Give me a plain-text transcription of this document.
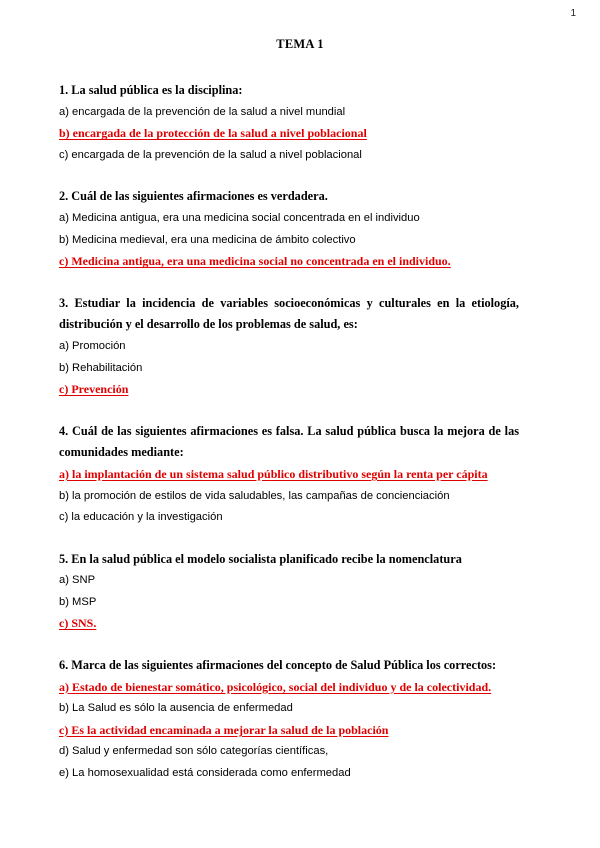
1
TEMA 1
1. La salud pública es la disciplina:
a) encargada de la prevención de la salud a nivel mundial
b) encargada de la protección de la salud a nivel poblacional
c) encargada de la prevención de la salud a nivel poblacional
2. Cuál de las siguientes afirmaciones es verdadera.
a) Medicina antigua, era una medicina social concentrada en el individuo
b) Medicina medieval, era una medicina de ámbito colectivo
c) Medicina antigua, era una medicina social no concentrada en el individuo.
3. Estudiar la incidencia de variables socioeconómicas y culturales en la etiología, distribución y el desarrollo de los problemas de salud, es:
a) Promoción
b) Rehabilitación
c) Prevención
4. Cuál de las siguientes afirmaciones es falsa. La salud pública busca la mejora de las comunidades mediante:
a) la implantación de un sistema salud público distributivo según la renta per cápita
b) la promoción de estilos de vida saludables, las campañas de concienciación
c) la educación y la investigación
5. En la salud pública el modelo socialista planificado recibe la nomenclatura
a) SNP
b) MSP
c) SNS.
6. Marca de las siguientes afirmaciones del concepto de Salud Pública los correctos:
a) Estado de bienestar somático, psicológico, social del individuo y de la colectividad.
b) La Salud es sólo la ausencia de enfermedad
c) Es la actividad encaminada a mejorar la salud de la población
d) Salud y enfermedad son sólo categorías científicas,
e) La homosexualidad está considerada como enfermedad
